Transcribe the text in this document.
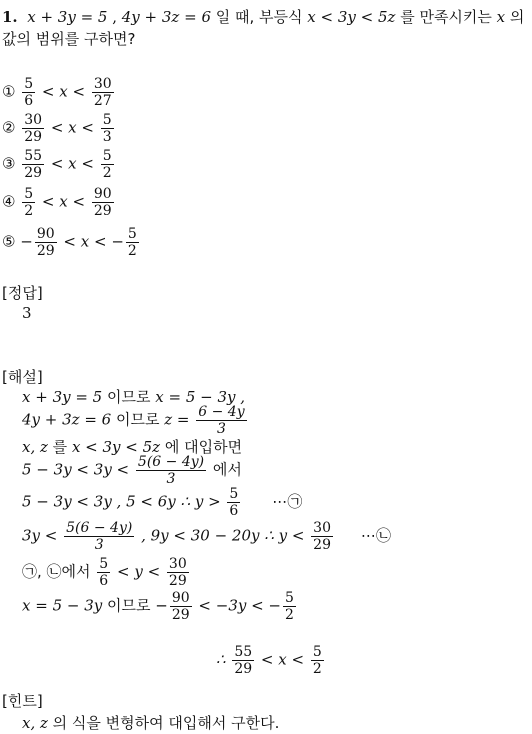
1. x + 3y = 5 , 4y + 3z = 6 일 때, 부등식 x < 3y < 5z 를 만족시키는 x 의
값의 범위를 구하면?
① $\frac{5}{6} < x < \frac{30}{27}$
② $\frac{30}{29} < x < \frac{5}{3}$
③ $\frac{55}{29} < x < \frac{5}{2}$
④ $\frac{5}{2} < x < \frac{90}{29}$
⑤ − $\frac{90}{29} < x$ < − $\frac{5}{2}$
[정답]
3
[해설]
x + 3y = 5 이므로 x = 5 − 3y ,
4y + 3z = 6 이므로 $z = \frac{6 - 4y}{3}$
x, z 를 x < 3y < 5z 에 대입하면
$5 - 3y < 3y < \frac{5(6 - 4y)}{3}$ 에서
5 − 3y < 3y , 5 < 6y ∴ $y > \frac{5}{6}$ ⋯㉠
$3y < \frac{5(6 - 4y)}{3}$ , 9y < 30 − 20y ∴ $y < \frac{30}{29}$ ⋯㉡
㉠, ㉡에서 $\frac{5}{6} < y < \frac{30}{29}$
x = 5 − 3y 이므로 − $\frac{90}{29} < -3y$ < − $\frac{5}{2}$
∴ $\frac{55}{29} < x < \frac{5}{2}$
[힌트]
x, z 의 식을 변형하여 대입해서 구한다.
